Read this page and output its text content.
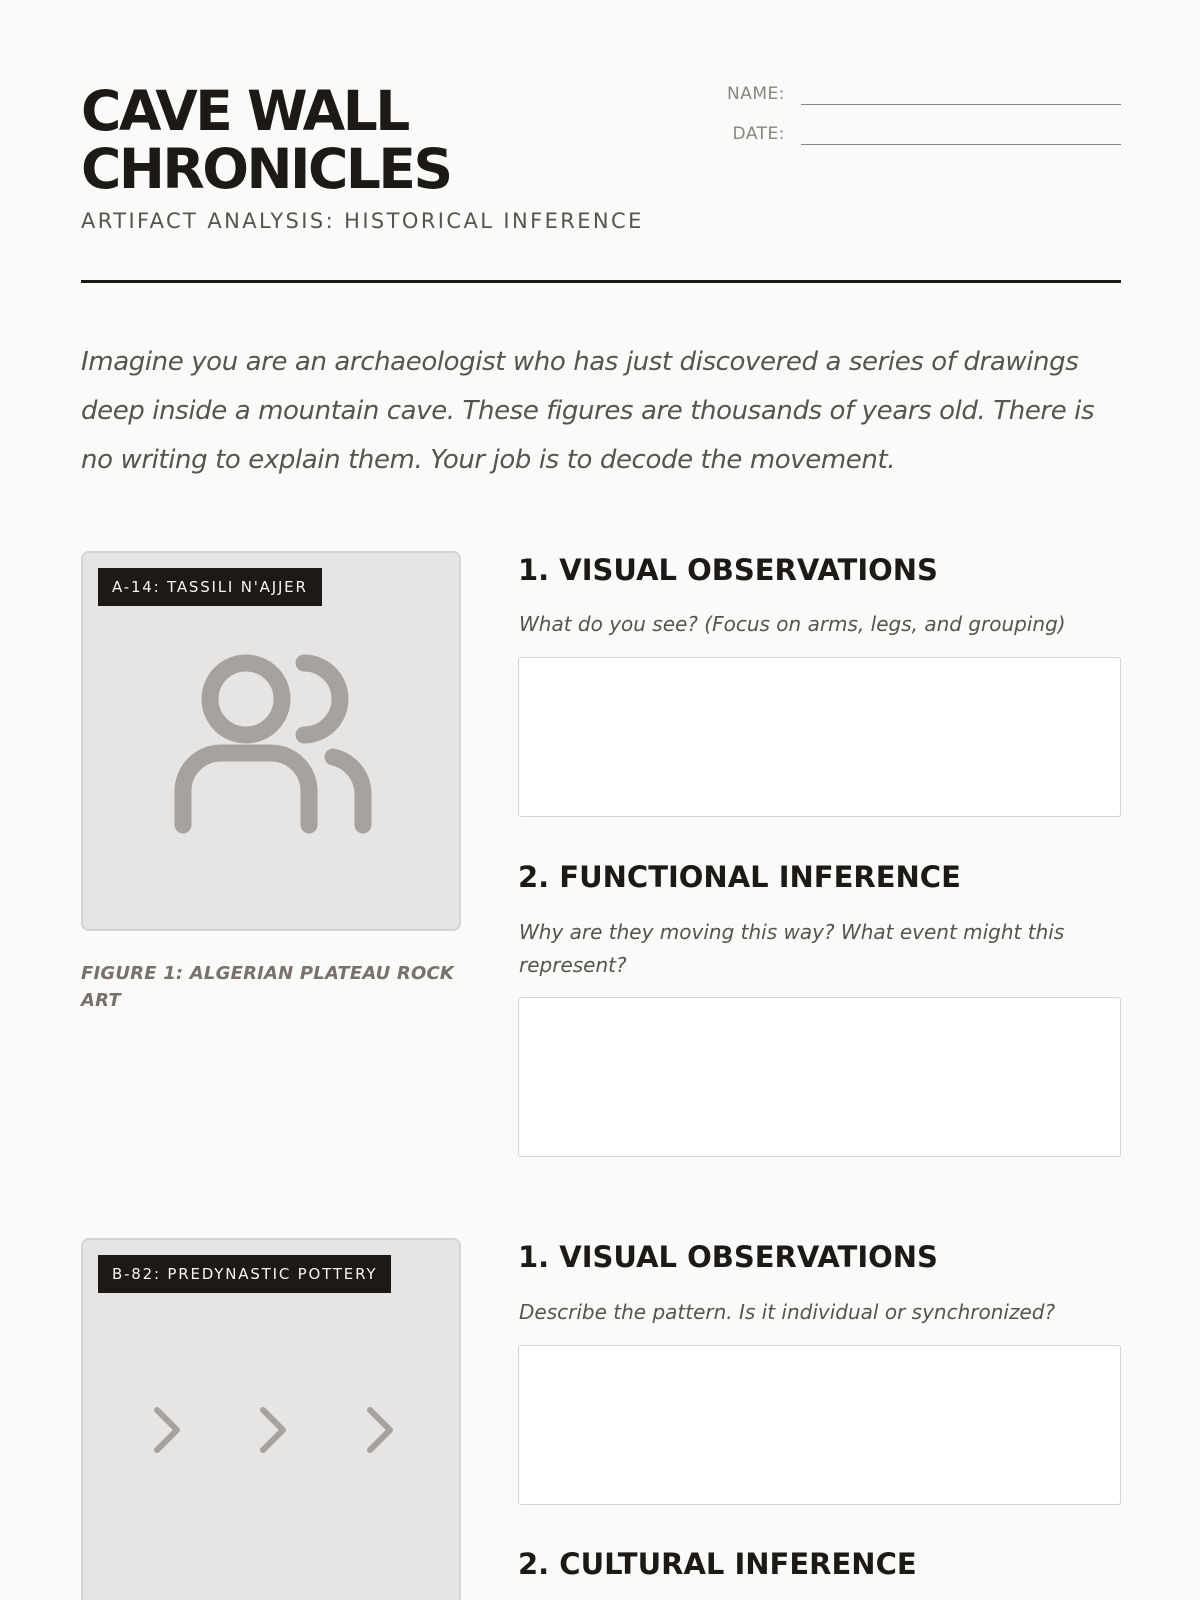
CAVE WALL
CHRONICLES

ARTIFACT ANALYSIS: HISTORICAL INFERENCE

NAME:
DATE:

Imagine you are an archaeologist who has just discovered a series of drawings deep inside a mountain cave. These figures are thousands of years old. There is no writing to explain them. Your job is to decode the movement.

A-14: TASSILI N'AJJER

FIGURE 1: ALGERIAN PLATEAU ROCK ART

1. VISUAL OBSERVATIONS

What do you see? (Focus on arms, legs, and grouping)

2. FUNCTIONAL INFERENCE

Why are they moving this way? What event might this represent?

B-82: PREDYNASTIC POTTERY	1. VISUAL OBSERVATIONS

Describe the pattern. Is it individual or synchronized?

2. CULTURAL INFERENCE
